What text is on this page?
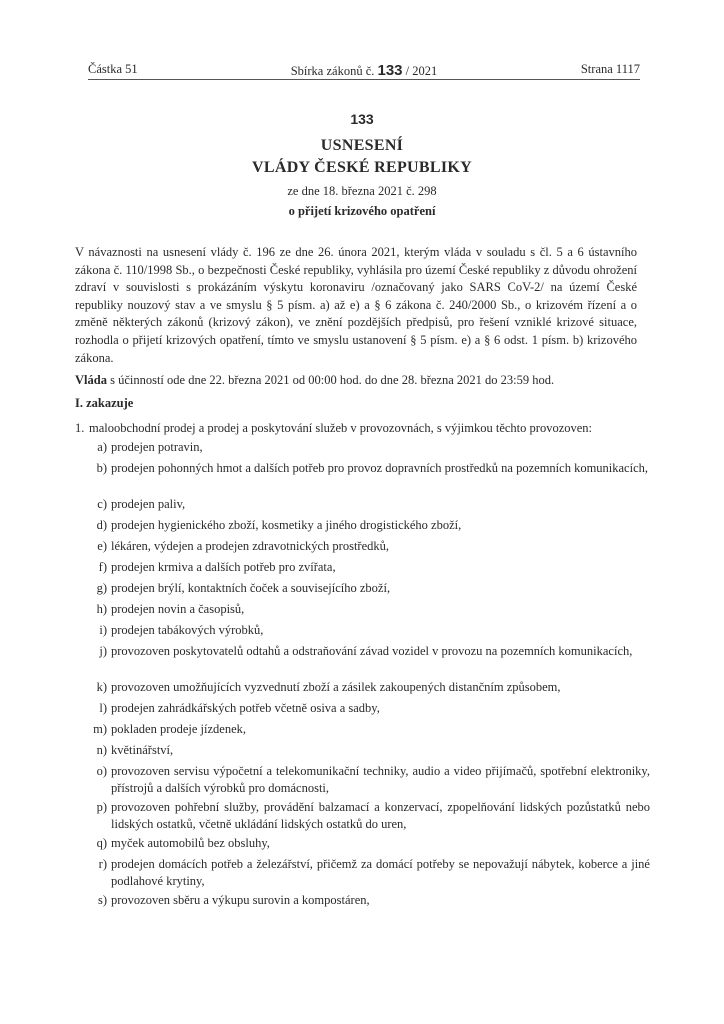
Částka 51	Sbírka zákonů č. 133 / 2021	Strana 1117
133
USNESENÍ
VLÁDY ČESKÉ REPUBLIKY
ze dne 18. března 2021 č. 298
o přijetí krizového opatření
V návaznosti na usnesení vlády č. 196 ze dne 26. února 2021, kterým vláda v souladu s čl. 5 a 6 ústavního zákona č. 110/1998 Sb., o bezpečnosti České republiky, vyhlásila pro území České republiky z důvodu ohrožení zdraví v souvislosti s prokázáním výskytu koronaviru /označovaný jako SARS CoV-2/ na území České republiky nouzový stav a ve smyslu § 5 písm. a) až e) a § 6 zákona č. 240/2000 Sb., o krizovém řízení a o změně některých zákonů (krizový zákon), ve znění pozdějších předpisů, pro řešení vzniklé krizové situace, rozhodla o přijetí krizových opatření, tímto ve smyslu ustanovení § 5 písm. e) a § 6 odst. 1 písm. b) krizového zákona.
Vláda s účinností ode dne 22. března 2021 od 00:00 hod. do dne 28. března 2021 do 23:59 hod.
I. zakazuje
1. maloobchodní prodej a prodej a poskytování služeb v provozovnách, s výjimkou těchto provozoven:
a) prodejen potravin,
b) prodejen pohonných hmot a dalších potřeb pro provoz dopravních prostředků na pozemních komunikacích,
c) prodejen paliv,
d) prodejen hygienického zboží, kosmetiky a jiného drogistického zboží,
e) lékáren, výdejen a prodejen zdravotnických prostředků,
f) prodejen krmiva a dalších potřeb pro zvířata,
g) prodejen brýlí, kontaktních čoček a souvisejícího zboží,
h) prodejen novin a časopisů,
i) prodejen tabákových výrobků,
j) provozoven poskytovatelů odtahů a odstraňování závad vozidel v provozu na pozemních komunikacích,
k) provozoven umožňujících vyzvednutí zboží a zásilek zakoupených distančním způsobem,
l) prodejen zahrádkářských potřeb včetně osiva a sadby,
m) pokladen prodeje jízdenek,
n) květinářství,
o) provozoven servisu výpočetní a telekomunikační techniky, audio a video přijímačů, spotřební elektroniky, přístrojů a dalších výrobků pro domácnosti,
p) provozoven pohřební služby, provádění balzamací a konzervací, zpopelňování lidských pozůstatků nebo lidských ostatků, včetně ukládání lidských ostatků do uren,
q) myček automobilů bez obsluhy,
r) prodejen domácích potřeb a železářství, přičemž za domácí potřeby se nepovažují nábytek, koberce a jiné podlahové krytiny,
s) provozoven sběru a výkupu surovin a kompostáren,
